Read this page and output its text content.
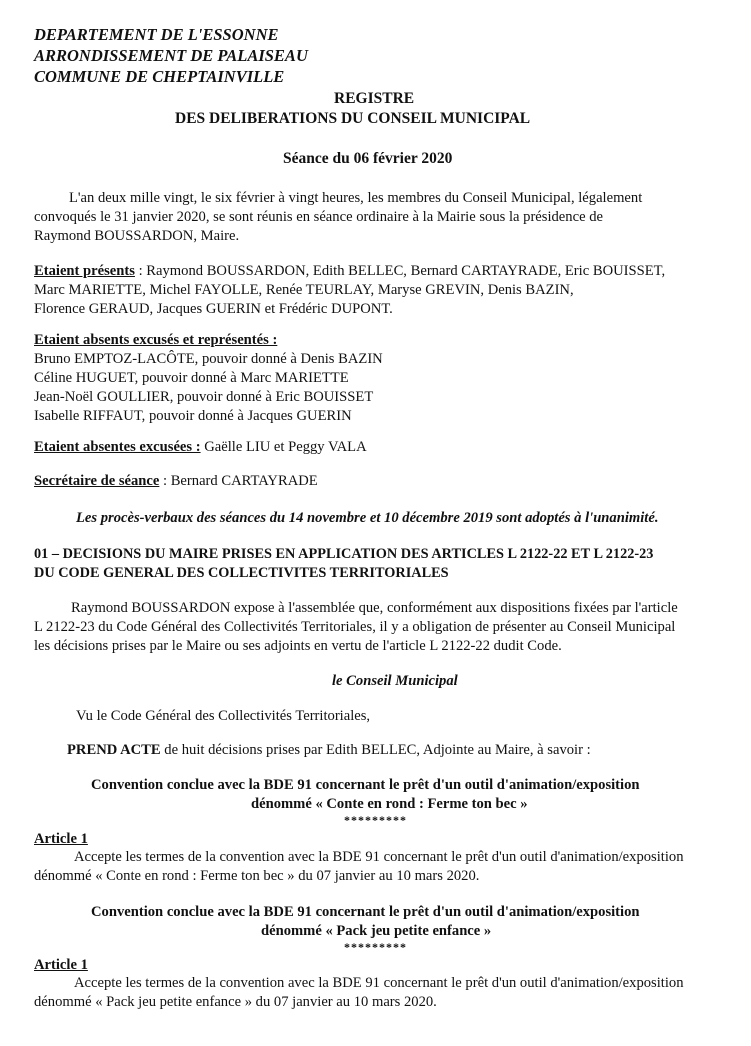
DEPARTEMENT DE L'ESSONNE
ARRONDISSEMENT DE PALAISEAU
COMMUNE DE CHEPTAINVILLE
REGISTRE
DES DELIBERATIONS DU CONSEIL MUNICIPAL
Séance du 06 février 2020
L'an deux mille vingt, le six février à vingt heures, les membres du Conseil Municipal, légalement
convoqués le 31 janvier 2020, se sont réunis en séance ordinaire à la Mairie sous la présidence de
Raymond BOUSSARDON, Maire.
Etaient présents : Raymond BOUSSARDON, Edith BELLEC, Bernard CARTAYRADE, Eric BOUISSET,
Marc MARIETTE, Michel FAYOLLE, Renée TEURLAY, Maryse GREVIN, Denis BAZIN,
Florence GERAUD, Jacques GUERIN et Frédéric DUPONT.
Etaient absents excusés et représentés :
Bruno EMPTOZ-LACÔTE, pouvoir donné à Denis BAZIN
Céline HUGUET, pouvoir donné à Marc MARIETTE
Jean-Noël GOULLIER, pouvoir donné à Eric BOUISSET
Isabelle RIFFAUT, pouvoir donné à Jacques GUERIN
Etaient absentes excusées : Gaëlle LIU et Peggy VALA
Secrétaire de séance : Bernard CARTAYRADE
Les procès-verbaux des séances du 14 novembre et 10 décembre 2019 sont adoptés à l'unanimité.
01 – DECISIONS DU MAIRE PRISES EN APPLICATION DES ARTICLES L 2122-22 ET L 2122-23
DU CODE GENERAL DES COLLECTIVITES TERRITORIALES
Raymond BOUSSARDON expose à l'assemblée que, conformément aux dispositions fixées par l'article
L 2122-23 du Code Général des Collectivités Territoriales, il y a obligation de présenter au Conseil Municipal
les décisions prises par le Maire ou ses adjoints en vertu de l'article L 2122-22 dudit Code.
le Conseil Municipal
Vu le Code Général des Collectivités Territoriales,
PREND ACTE de huit décisions prises par Edith BELLEC, Adjointe au Maire, à savoir :
Convention conclue avec la BDE 91 concernant le prêt d'un outil d'animation/exposition
dénommé « Conte en rond : Ferme ton bec »
*********
Article 1
Accepte les termes de la convention avec la BDE 91 concernant le prêt d'un outil d'animation/exposition
dénommé « Conte en rond : Ferme ton bec » du 07 janvier au 10 mars 2020.
Convention conclue avec la BDE 91 concernant le prêt d'un outil d'animation/exposition
dénommé « Pack jeu petite enfance »
*********
Article 1
Accepte les termes de la convention avec la BDE 91 concernant le prêt d'un outil d'animation/exposition
dénommé « Pack jeu petite enfance » du 07 janvier au 10 mars 2020.
